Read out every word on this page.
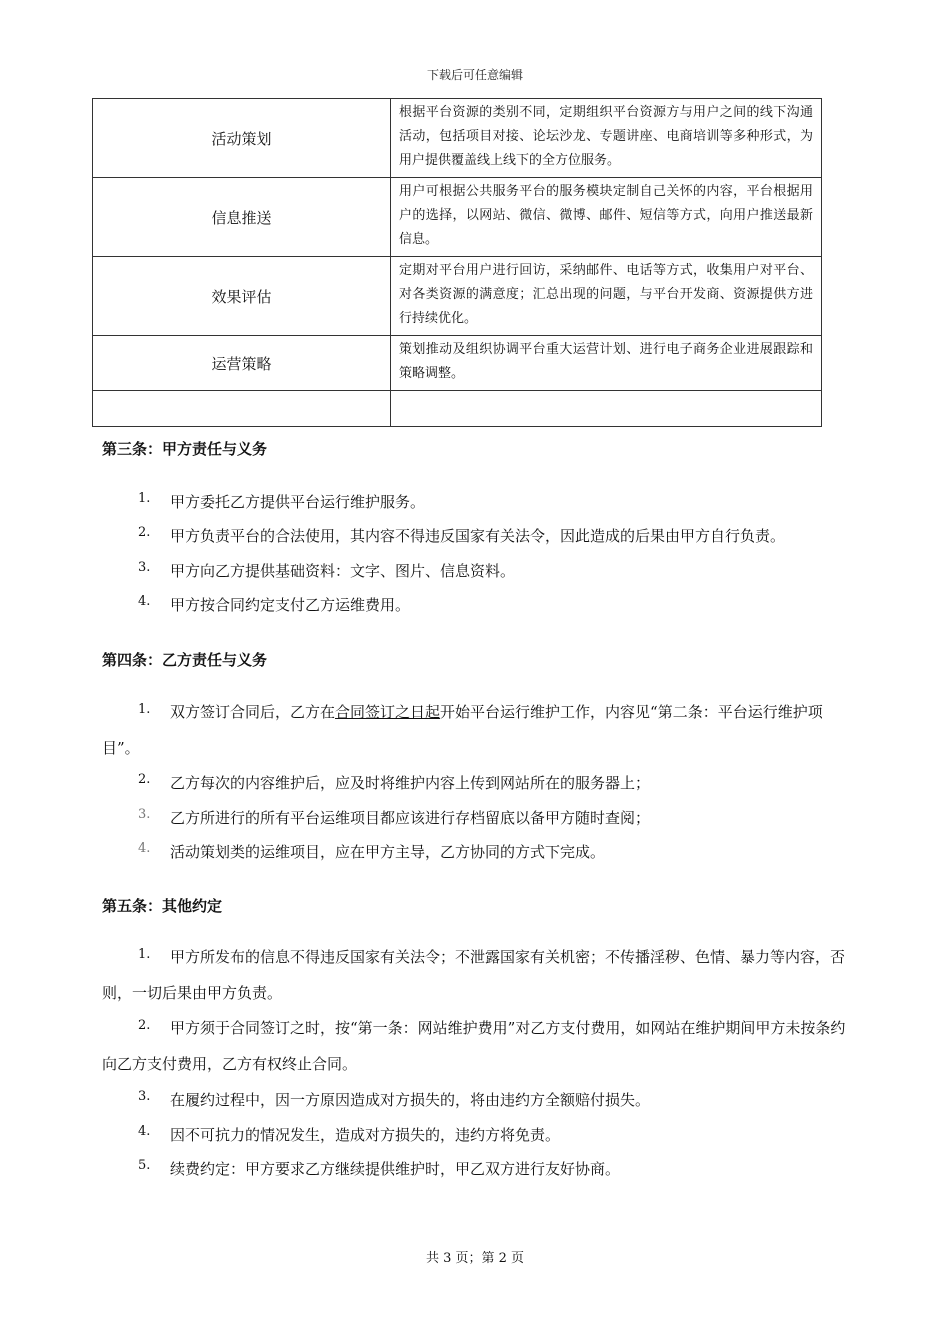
下载后可任意编辑
活动策划	根据平台资源的类别不同，定期组织平台资源方与用户之间的线下沟通活动，包括项目对接、论坛沙龙、专题讲座、电商培训等多种形式，为用户提供覆盖线上线下的全方位服务。
信息推送	用户可根据公共服务平台的服务模块定制自己关怀的内容，平台根据用户的选择，以网站、微信、微博、邮件、短信等方式，向用户推送最新信息。
效果评估	定期对平台用户进行回访，采纳邮件、电话等方式，收集用户对平台、对各类资源的满意度；汇总出现的问题，与平台开发商、资源提供方进行持续优化。
运营策略	策划推动及组织协调平台重大运营计划、进行电子商务企业进展跟踪和策略调整。

第三条：甲方责任与义务
1.	甲方委托乙方提供平台运行维护服务。
2.	甲方负责平台的合法使用，其内容不得违反国家有关法令，因此造成的后果由甲方自行负责。
3.	甲方向乙方提供基础资料：文字、图片、信息资料。
4.	甲方按合同约定支付乙方运维费用。
第四条：乙方责任与义务
1.	双方签订合同后，乙方在合同签订之日起开始平台运行维护工作，内容见“第二条：平台运行维护项目”。
2.	乙方每次的内容维护后，应及时将维护内容上传到网站所在的服务器上；
3.	乙方所进行的所有平台运维项目都应该进行存档留底以备甲方随时查阅；
4.	活动策划类的运维项目，应在甲方主导，乙方协同的方式下完成。
第五条：其他约定
1.	甲方所发布的信息不得违反国家有关法令；不泄露国家有关机密；不传播淫秽、色情、暴力等内容，否则，一切后果由甲方负责。
2.	甲方须于合同签订之时，按“第一条：网站维护费用”对乙方支付费用，如网站在维护期间甲方未按条约向乙方支付费用，乙方有权终止合同。
3.	在履约过程中，因一方原因造成对方损失的，将由违约方全额赔付损失。
4.	因不可抗力的情况发生，造成对方损失的，违约方将免责。
5.	续费约定：甲方要求乙方继续提供维护时，甲乙双方进行友好协商。
共 3 页；第 2 页
